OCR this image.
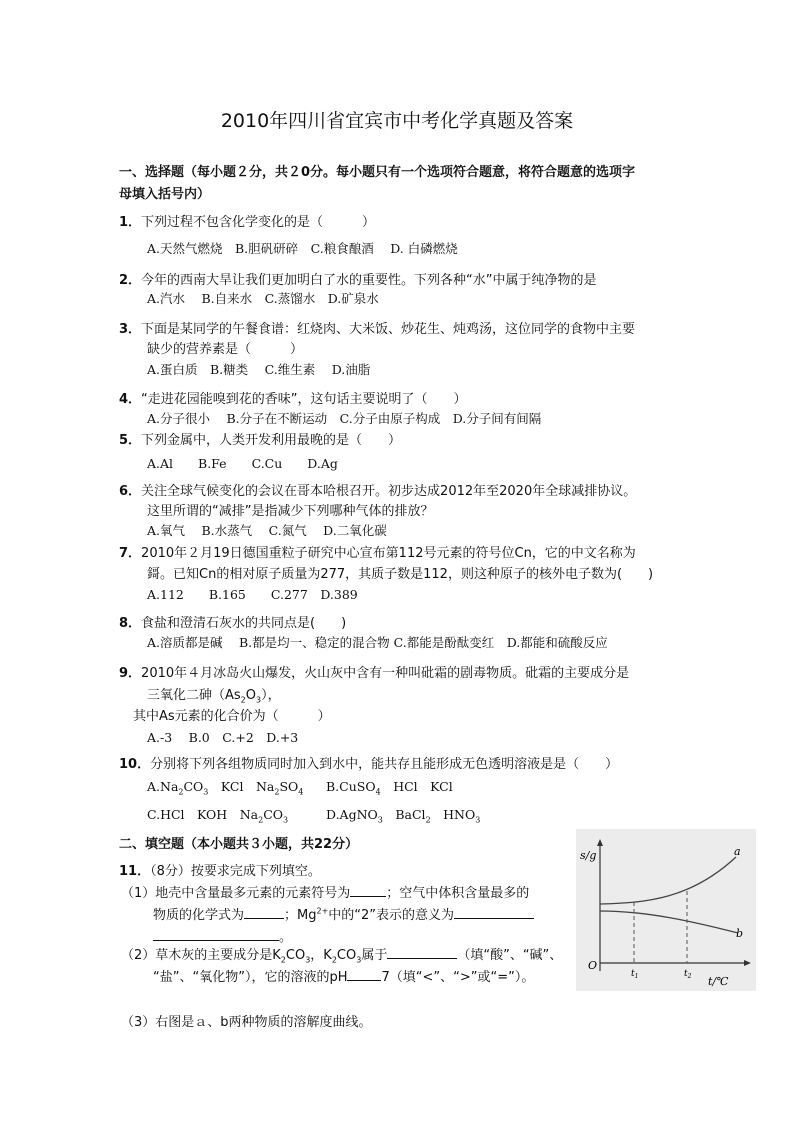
2010年四川省宜宾市中考化学真题及答案
一、选择题（每小题２分，共２0分。每小题只有一个选项符合题意，将符合题意的选项字
母填入括号内）
1．下列过程不包含化学变化的是（　　　）
A.天然气燃烧　B.胆矾研碎　C.粮食酿酒　 D. 白磷燃烧
2．今年的西南大旱让我们更加明白了水的重要性。下列各种“水”中属于纯净物的是
A.汽水　 B.自来水　C.蒸馏水　D.矿泉水
3．下面是某同学的午餐食谱：红烧肉、大米饭、炒花生、炖鸡汤，这位同学的食物中主要
缺少的营养素是（　　　）
A.蛋白质　B.糖类　 C.维生素　 D.油脂
4．“走进花园能嗅到花的香味”，这句话主要说明了（　　）
A.分子很小　 B.分子在不断运动　C.分子由原子构成　D.分子间有间隔
5．下列金属中，人类开发利用最晚的是（　　）
A.Al　　B.Fe　　C.Cu　　D.Ag
6．关注全球气候变化的会议在哥本哈根召开。初步达成2012年至2020年全球减排协议。
这里所谓的“减排”是指减少下列哪种气体的排放？
A.氧气　 B.水蒸气　 C.氮气　 D.二氧化碳
7．2010年２月19日德国重粒子研究中心宣布第112号元素的符号位Cn，它的中文名称为
鎶。已知Cn的相对原子质量为277，其质子数是112，则这种原子的核外电子数为(　　)
A.112　　B.165　　C.277　D.389
8．食盐和澄清石灰水的共同点是(　　)
A.溶质都是碱　 B.都是均一、稳定的混合物 C.都能是酚酞变红　D.都能和硫酸反应
9．2010年４月冰岛火山爆发，火山灰中含有一种叫砒霜的剧毒物质。砒霜的主要成分是
三氧化二砷$(As_2O_3)$，
其中As元素的化合价为（　　　）
A.-3　 B.0　C.+2　D.+3
10．分别将下列各组物质同时加入到水中，能共存且能形成无色透明溶液是是（　　）
$A.Na_2CO_3$　KCl　$Na_2SO_4$ B.CuSO$_4$　HCl　KCl
C.HCl　KOH　$Na_2CO_3$	D.AgNO$_3$　BaCl$_2$　$HNO_3$
二、填空题（本小题共３小题，共22分）
11．（8分）按要求完成下列填空。
（1）地壳中含量最多元素的元素符号为	；空气中体积含量最多的
物质的化学式为	；$Mg^{2+}$中的“2”表示的意义为
。
（2）草木灰的主要成分是$K_2CO_3$，$K_2CO_3$属于	（填“酸”、“碱”、
“盐”、“氧化物”），它的溶液的pH	7（填“<”、“>”或“=”）。
（3）右图是ａ、b两种物质的溶解度曲线。
s/g
t/℃
O
a
b
$t_1$	$t_2$
